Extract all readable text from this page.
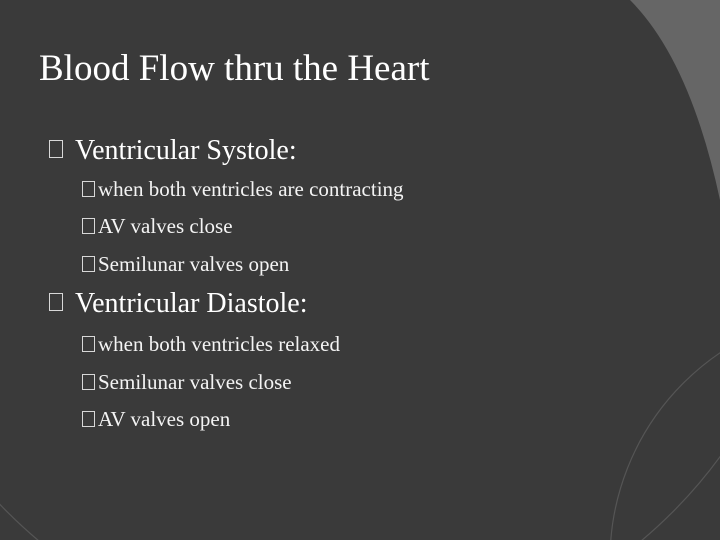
Blood Flow thru the Heart
Ventricular Systole:
when both ventricles are contracting
AV valves close
Semilunar valves open
Ventricular Diastole:
when both ventricles relaxed
Semilunar valves close
AV valves open
